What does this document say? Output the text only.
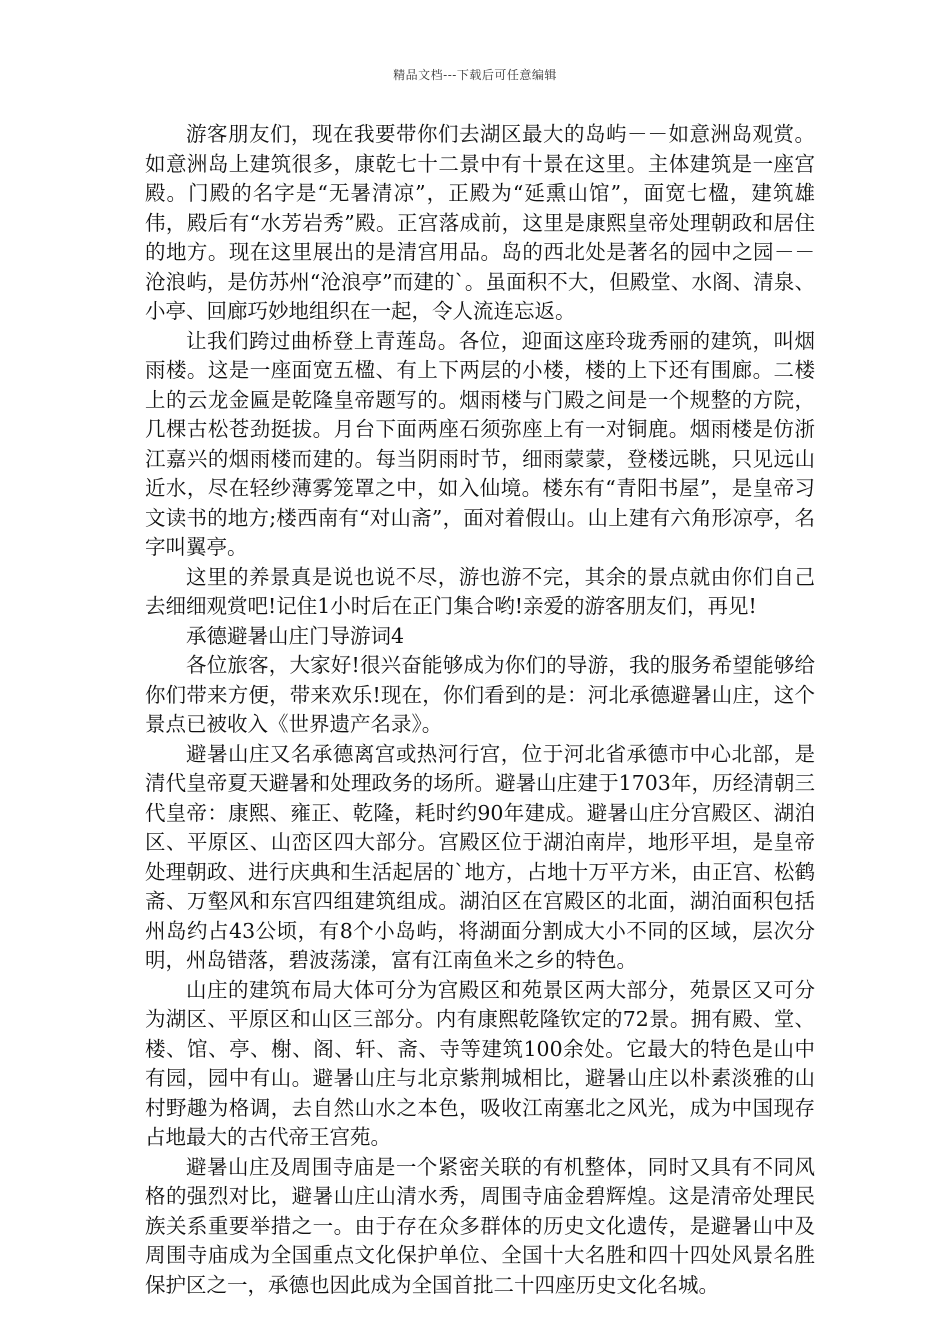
精品文档---下载后可任意编辑

游客朋友们，现在我要带你们去湖区最大的岛屿－－如意洲岛观赏。如意洲岛上建筑很多，康乾七十二景中有十景在这里。主体建筑是一座宫殿。门殿的名字是“无暑清凉”，正殿为“延熏山馆”，面宽七楹，建筑雄伟，殿后有“水芳岩秀”殿。正宫落成前，这里是康熙皇帝处理朝政和居住的地方。现在这里展出的是清宫用品。岛的西北处是著名的园中之园－－沧浪屿，是仿苏州“沧浪亭”而建的`。虽面积不大，但殿堂、水阁、清泉、小亭、回廊巧妙地组织在一起，令人流连忘返。

让我们跨过曲桥登上青莲岛。各位，迎面这座玲珑秀丽的建筑，叫烟雨楼。这是一座面宽五楹、有上下两层的小楼，楼的上下还有围廊。二楼上的云龙金匾是乾隆皇帝题写的。烟雨楼与门殿之间是一个规整的方院，几棵古松苍劲挺拔。月台下面两座石须弥座上有一对铜鹿。烟雨楼是仿浙江嘉兴的烟雨楼而建的。每当阴雨时节，细雨蒙蒙，登楼远眺，只见远山近水，尽在轻纱薄雾笼罩之中，如入仙境。楼东有“青阳书屋”，是皇帝习文读书的地方;楼西南有“对山斋”，面对着假山。山上建有六角形凉亭，名字叫翼亭。

这里的养景真是说也说不尽，游也游不完，其余的景点就由你们自己去细细观赏吧!记住1小时后在正门集合哟!亲爱的游客朋友们，再见!

承德避暑山庄门导游词4

各位旅客，大家好!很兴奋能够成为你们的导游，我的服务希望能够给你们带来方便，带来欢乐!现在，你们看到的是：河北承德避暑山庄，这个景点已被收入《世界遗产名录》。

避暑山庄又名承德离宫或热河行宫，位于河北省承德市中心北部，是清代皇帝夏天避暑和处理政务的场所。避暑山庄建于1703年，历经清朝三代皇帝：康熙、雍正、乾隆，耗时约90年建成。避暑山庄分宫殿区、湖泊区、平原区、山峦区四大部分。宫殿区位于湖泊南岸，地形平坦，是皇帝处理朝政、进行庆典和生活起居的`地方，占地十万平方米，由正宫、松鹤斋、万壑风和东宫四组建筑组成。湖泊区在宫殿区的北面，湖泊面积包括州岛约占43公顷，有8个小岛屿，将湖面分割成大小不同的区域，层次分明，州岛错落，碧波荡漾，富有江南鱼米之乡的特色。

山庄的建筑布局大体可分为宫殿区和苑景区两大部分，苑景区又可分为湖区、平原区和山区三部分。内有康熙乾隆钦定的72景。拥有殿、堂、楼、馆、亭、榭、阁、轩、斋、寺等建筑100余处。它最大的特色是山中有园，园中有山。避暑山庄与北京紫荆城相比，避暑山庄以朴素淡雅的山村野趣为格调，去自然山水之本色，吸收江南塞北之风光，成为中国现存占地最大的古代帝王宫苑。

避暑山庄及周围寺庙是一个紧密关联的有机整体，同时又具有不同风格的强烈对比，避暑山庄山清水秀，周围寺庙金碧辉煌。这是清帝处理民族关系重要举措之一。由于存在众多群体的历史文化遗传，是避暑山中及周围寺庙成为全国重点文化保护单位、全国十大名胜和四十四处风景名胜保护区之一，承德也因此成为全国首批二十四座历史文化名城。
